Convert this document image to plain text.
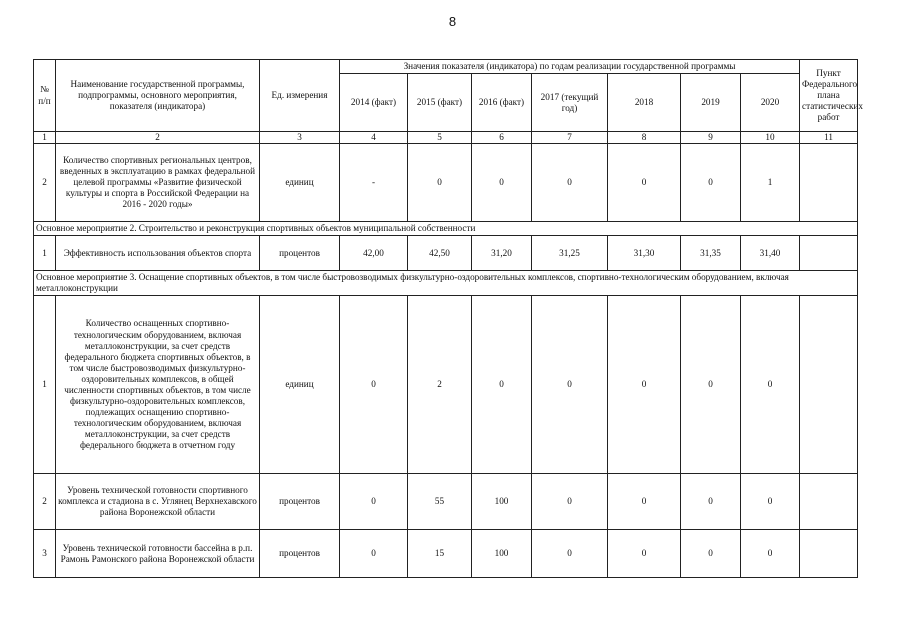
8
№ п/п	Наименование государственной программы, подпрограммы, основного мероприятия, показателя (индикатора)	Ед. измерения	Значения показателя (индикатора) по годам реализации государственной программы							Пункт Федерального плана статистических работ
			2014 (факт)	2015 (факт)	2016 (факт)	2017 (текущий год)	2018	2019	2020	
1	2	3	4	5	6	7	8	9	10	11
2	Количество спортивных региональных центров, введенных в эксплуатацию в рамках федеральной целевой программы «Развитие физической культуры и спорта в Российской Федерации на 2016 - 2020 годы»	единиц	-	0	0	0	0	0	1	
Основное мероприятие 2. Строительство и реконструкция спортивных объектов муниципальной собственности										
1	Эффективность использования объектов спорта	процентов	42,00	42,50	31,20	31,25	31,30	31,35	31,40	
Основное мероприятие 3. Оснащение спортивных объектов, в том числе быстровозводимых физкультурно-оздоровительных комплексов, спортивно-технологическим оборудованием, включая металлоконструкции										
1	Количество оснащенных спортивно-технологическим оборудованием, включая металлоконструкции, за счет средств федерального бюджета спортивных объектов, в том числе быстровозводимых физкультурно-оздоровительных комплексов, в общей численности спортивных объектов, в том числе физкультурно-оздоровительных комплексов, подлежащих оснащению спортивно-технологическим оборудованием, включая металлоконструкции, за счет средств федерального бюджета в отчетном году	единиц	0	2	0	0	0	0	0	
2	Уровень технической готовности спортивного комплекса и стадиона в с. Углянец Верхнехавского района Воронежской области	процентов	0	55	100	0	0	0	0	
3	Уровень технической готовности бассейна в р.п. Рамонь Рамонского района Воронежской области	процентов	0	15	100	0	0	0	0	
